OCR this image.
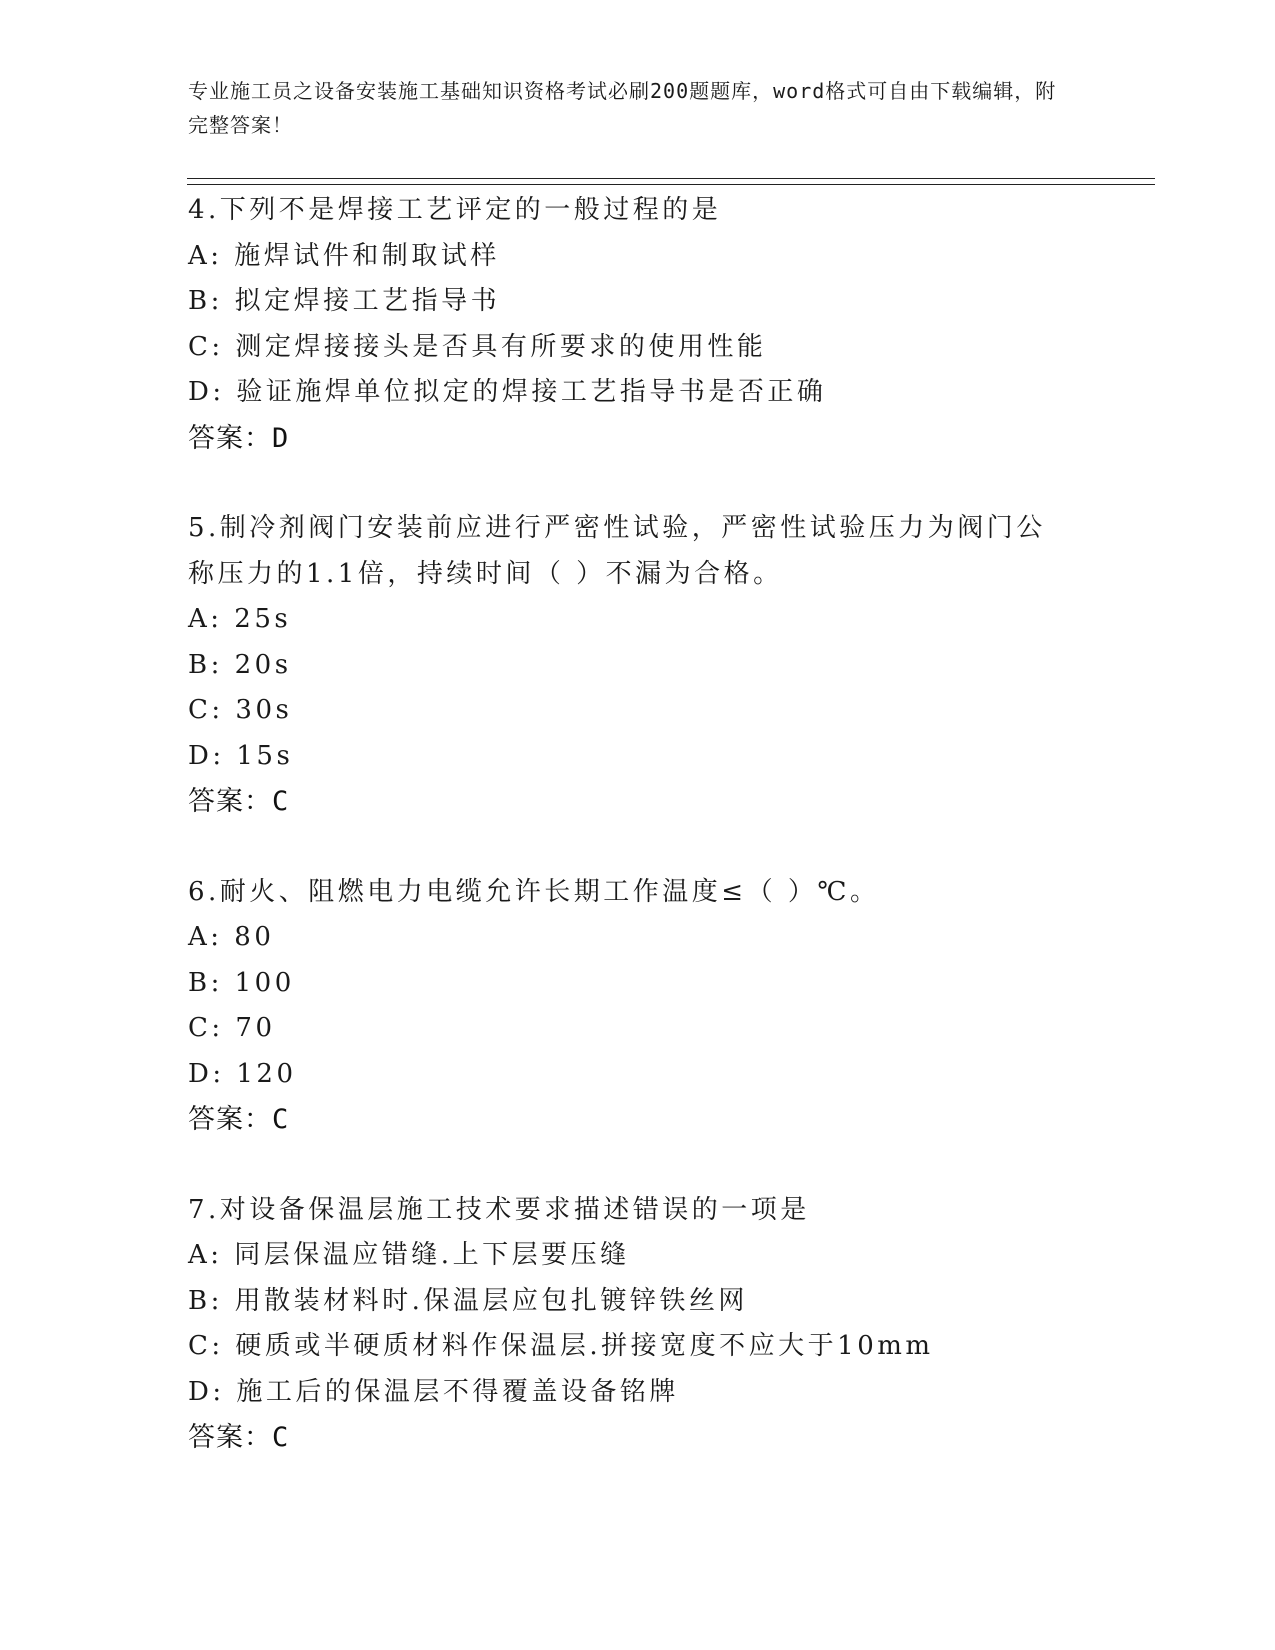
专业施工员之设备安装施工基础知识资格考试必刷200题题库，word格式可自由下载编辑，附完整答案！
4.下列不是焊接工艺评定的一般过程的是
A: 施焊试件和制取试样
B: 拟定焊接工艺指导书
C: 测定焊接接头是否具有所要求的使用性能
D: 验证施焊单位拟定的焊接工艺指导书是否正确
答案：D
5.制冷剂阀门安装前应进行严密性试验，严密性试验压力为阀门公称压力的1.1倍，持续时间（ ）不漏为合格。
A: 25s
B: 20s
C: 30s
D: 15s
答案：C
6.耐火、阻燃电力电缆允许长期工作温度≤（ ）℃。
A: 80
B: 100
C: 70
D: 120
答案：C
7.对设备保温层施工技术要求描述错误的一项是
A: 同层保温应错缝.上下层要压缝
B: 用散装材料时.保温层应包扎镀锌铁丝网
C: 硬质或半硬质材料作保温层.拼接宽度不应大于10mm
D: 施工后的保温层不得覆盖设备铭牌
答案：C
